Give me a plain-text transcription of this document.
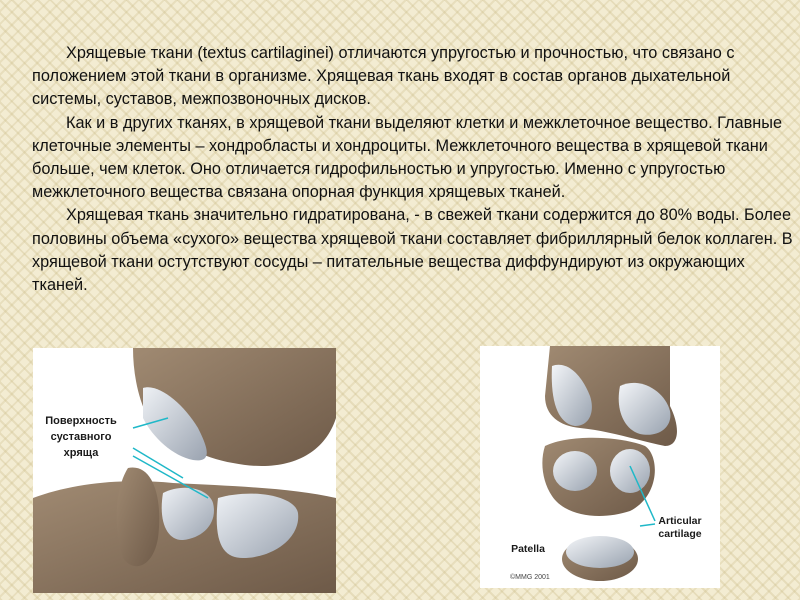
Хрящевые ткани (textus cartilaginei) отличаются упругостью и прочностью, что связано с положением этой ткани в организме. Хрящевая ткань входят в состав органов дыхательной системы, суставов, межпозвоночных дисков.

Как и в других тканях, в хрящевой ткани выделяют клетки и межклеточное вещество. Главные клеточные элементы – хондробласты и хондроциты. Межклеточного вещества в хрящевой ткани больше, чем клеток. Оно отличается гидрофильностью и упругостью. Именно с упругостью межклеточного вещества связана опорная функция хрящевых тканей.

Хрящевая ткань значительно гидратирована, - в свежей ткани содержится до 80% воды. Более половины объема «сухого» вещества хрящевой ткани составляет фибриллярный белок коллаген. В хрящевой ткани остутствуют сосуды – питательные вещества диффундируют из окружающих тканей.

Поверхность
суставного
хряща
Articular
cartilage
Patella
©MMG 2001
